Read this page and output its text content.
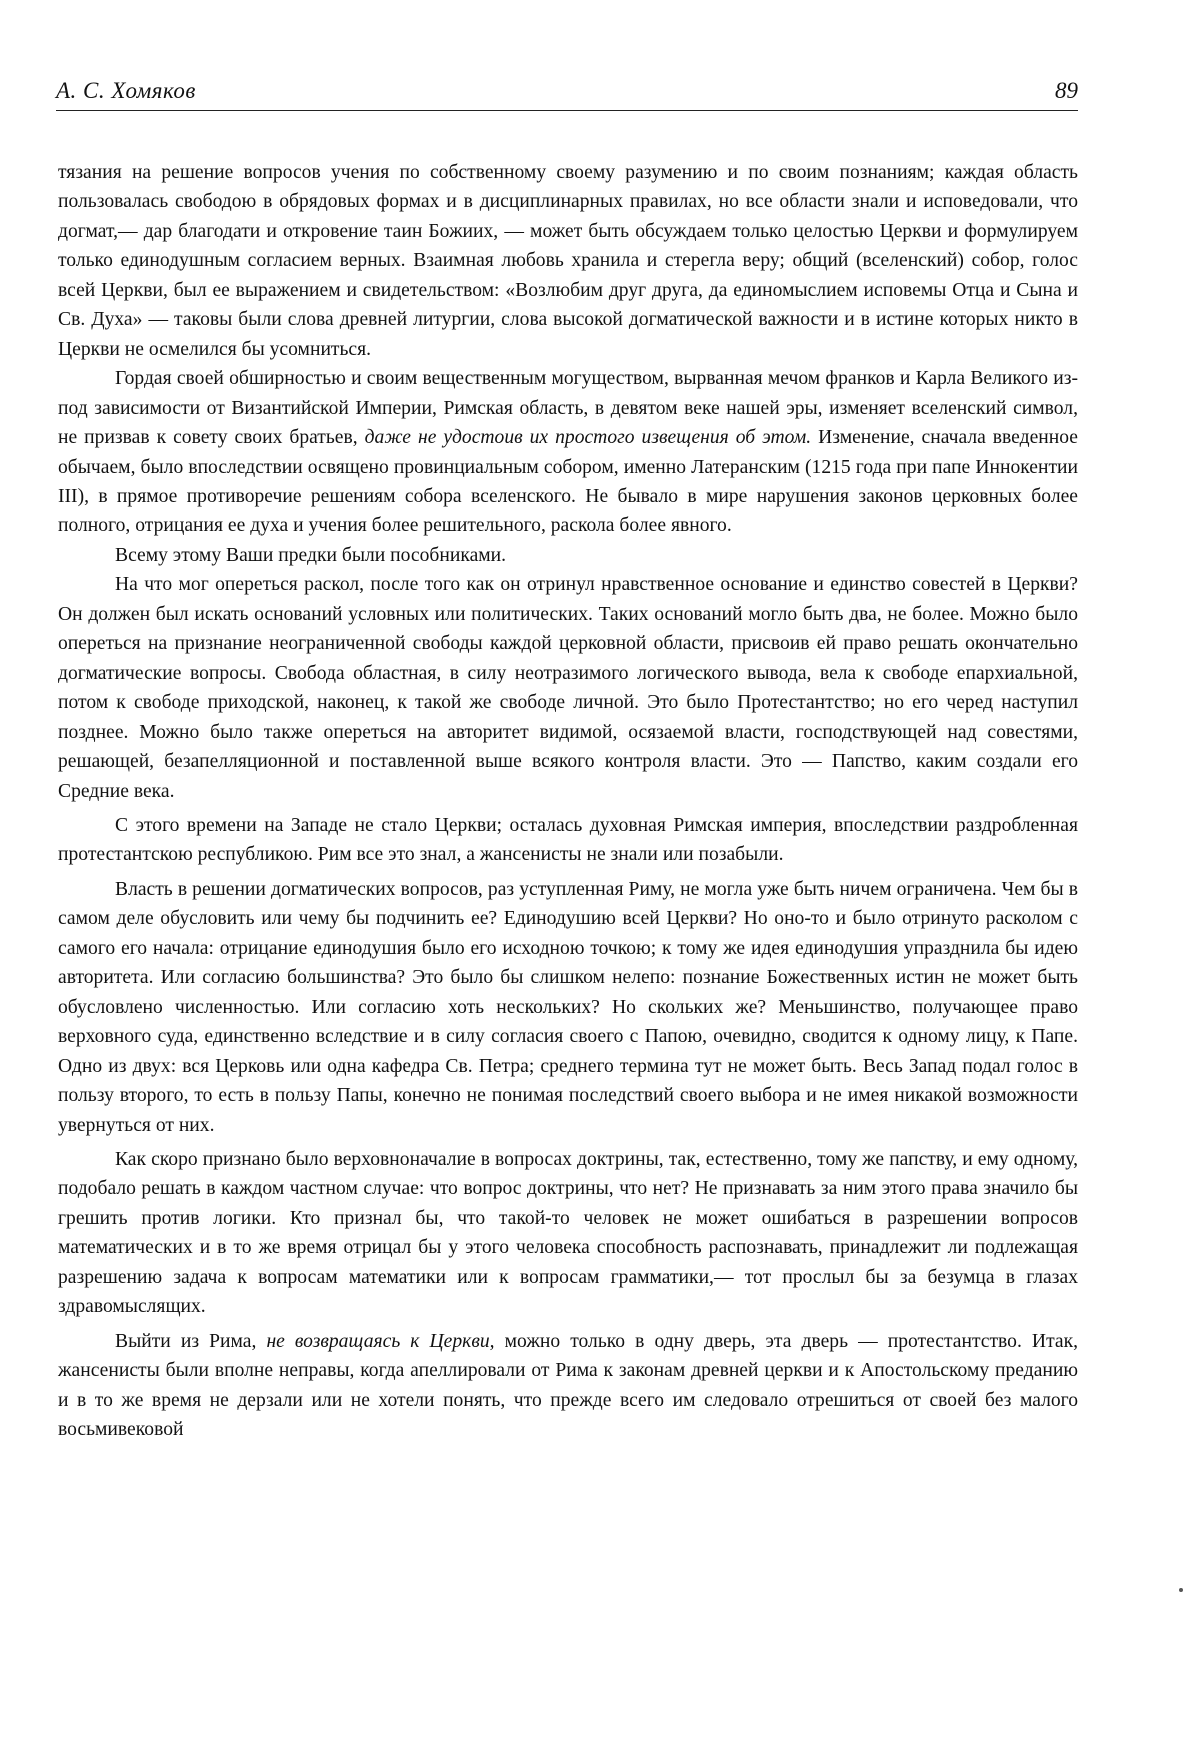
А. С. Хомяков	89

тязания на решение вопросов учения по собственному своему разумению и по своим познаниям; каждая область пользовалась свободою в обрядовых формах и в дисциплинарных правилах, но все области знали и исповедовали, что догмат,— дар благодати и откровение таин Божиих, — может быть обсуждаем только целостью Церкви и формулируем только единодушным согласием верных. Взаимная любовь хранила и стерегла веру; общий (вселенский) собор, голос всей Церкви, был ее выражением и свидетельством: «Возлюбим друг друга, да единомыслием исповемы Отца и Сына и Св. Духа» — таковы были слова древней литургии, слова высокой догматической важности и в истине которых никто в Церкви не осмелился бы усомниться.

Гордая своей обширностью и своим вещественным могуществом, вырванная мечом франков и Карла Великого из-под зависимости от Византийской Империи, Римская область, в девятом веке нашей эры, изменяет вселенский символ, не призвав к совету своих братьев, даже не удостоив их простого извещения об этом. Изменение, сначала введенное обычаем, было впоследствии освящено провинциальным собором, именно Латеранским (1215 года при папе Иннокентии III), в прямое противоречие решениям собора вселенского. Не бывало в мире нарушения законов церковных более полного, отрицания ее духа и учения более решительного, раскола более явного.

Всему этому Ваши предки были пособниками.

На что мог опереться раскол, после того как он отринул нравственное основание и единство совестей в Церкви? Он должен был искать оснований условных или политических. Таких оснований могло быть два, не более. Можно было опереться на признание неограниченной свободы каждой церковной области, присвоив ей право решать окончательно догматические вопросы. Свобода областная, в силу неотразимого логического вывода, вела к свободе епархиальной, потом к свободе приходской, наконец, к такой же свободе личной. Это было Протестантство; но его черед наступил позднее. Можно было также опереться на авторитет видимой, осязаемой власти, господствующей над совестями, решающей, безапелляционной и поставленной выше всякого контроля власти. Это — Папство, каким создали его Средние века.

С этого времени на Западе не стало Церкви; осталась духовная Римская империя, впоследствии раздробленная протестантскою республикою. Рим все это знал, а жансенисты не знали или позабыли.

Власть в решении догматических вопросов, раз уступленная Риму, не могла уже быть ничем ограничена. Чем бы в самом деле обусловить или чему бы подчинить ее? Единодушию всей Церкви? Но оно-то и было отринуто расколом с самого его начала: отрицание единодушия было его исходною точкою; к тому же идея единодушия упразднила бы идею авторитета. Или согласию большинства? Это было бы слишком нелепо: познание Божественных истин не может быть обусловлено численностью. Или согласию хоть нескольких? Но скольких же? Меньшинство, получающее право верховного суда, единственно вследствие и в силу согласия своего с Папою, очевидно, сводится к одному лицу, к Папе. Одно из двух: вся Церковь или одна кафедра Св. Петра; среднего термина тут не может быть. Весь Запад подал голос в пользу второго, то есть в пользу Папы, конечно не понимая последствий своего выбора и не имея никакой возможности увернуться от них.

Как скоро признано было верховноначалие в вопросах доктрины, так, естественно, тому же папству, и ему одному, подобало решать в каждом частном случае: что вопрос доктрины, что нет? Не признавать за ним этого права значило бы грешить против логики. Кто признал бы, что такой-то человек не может ошибаться в разрешении вопросов математических и в то же время отрицал бы у этого человека способность распознавать, принадлежит ли подлежащая разрешению задача к вопросам математики или к вопросам грамматики,— тот прослыл бы за безумца в глазах здравомыслящих.

Выйти из Рима, не возвращаясь к Церкви, можно только в одну дверь, эта дверь — протестантство. Итак, жансенисты были вполне неправы, когда апеллировали от Рима к законам древней церкви и к Апостольскому преданию и в то же время не дерзали или не хотели понять, что прежде всего им следовало отрешиться от своей без малого восьмивековой
